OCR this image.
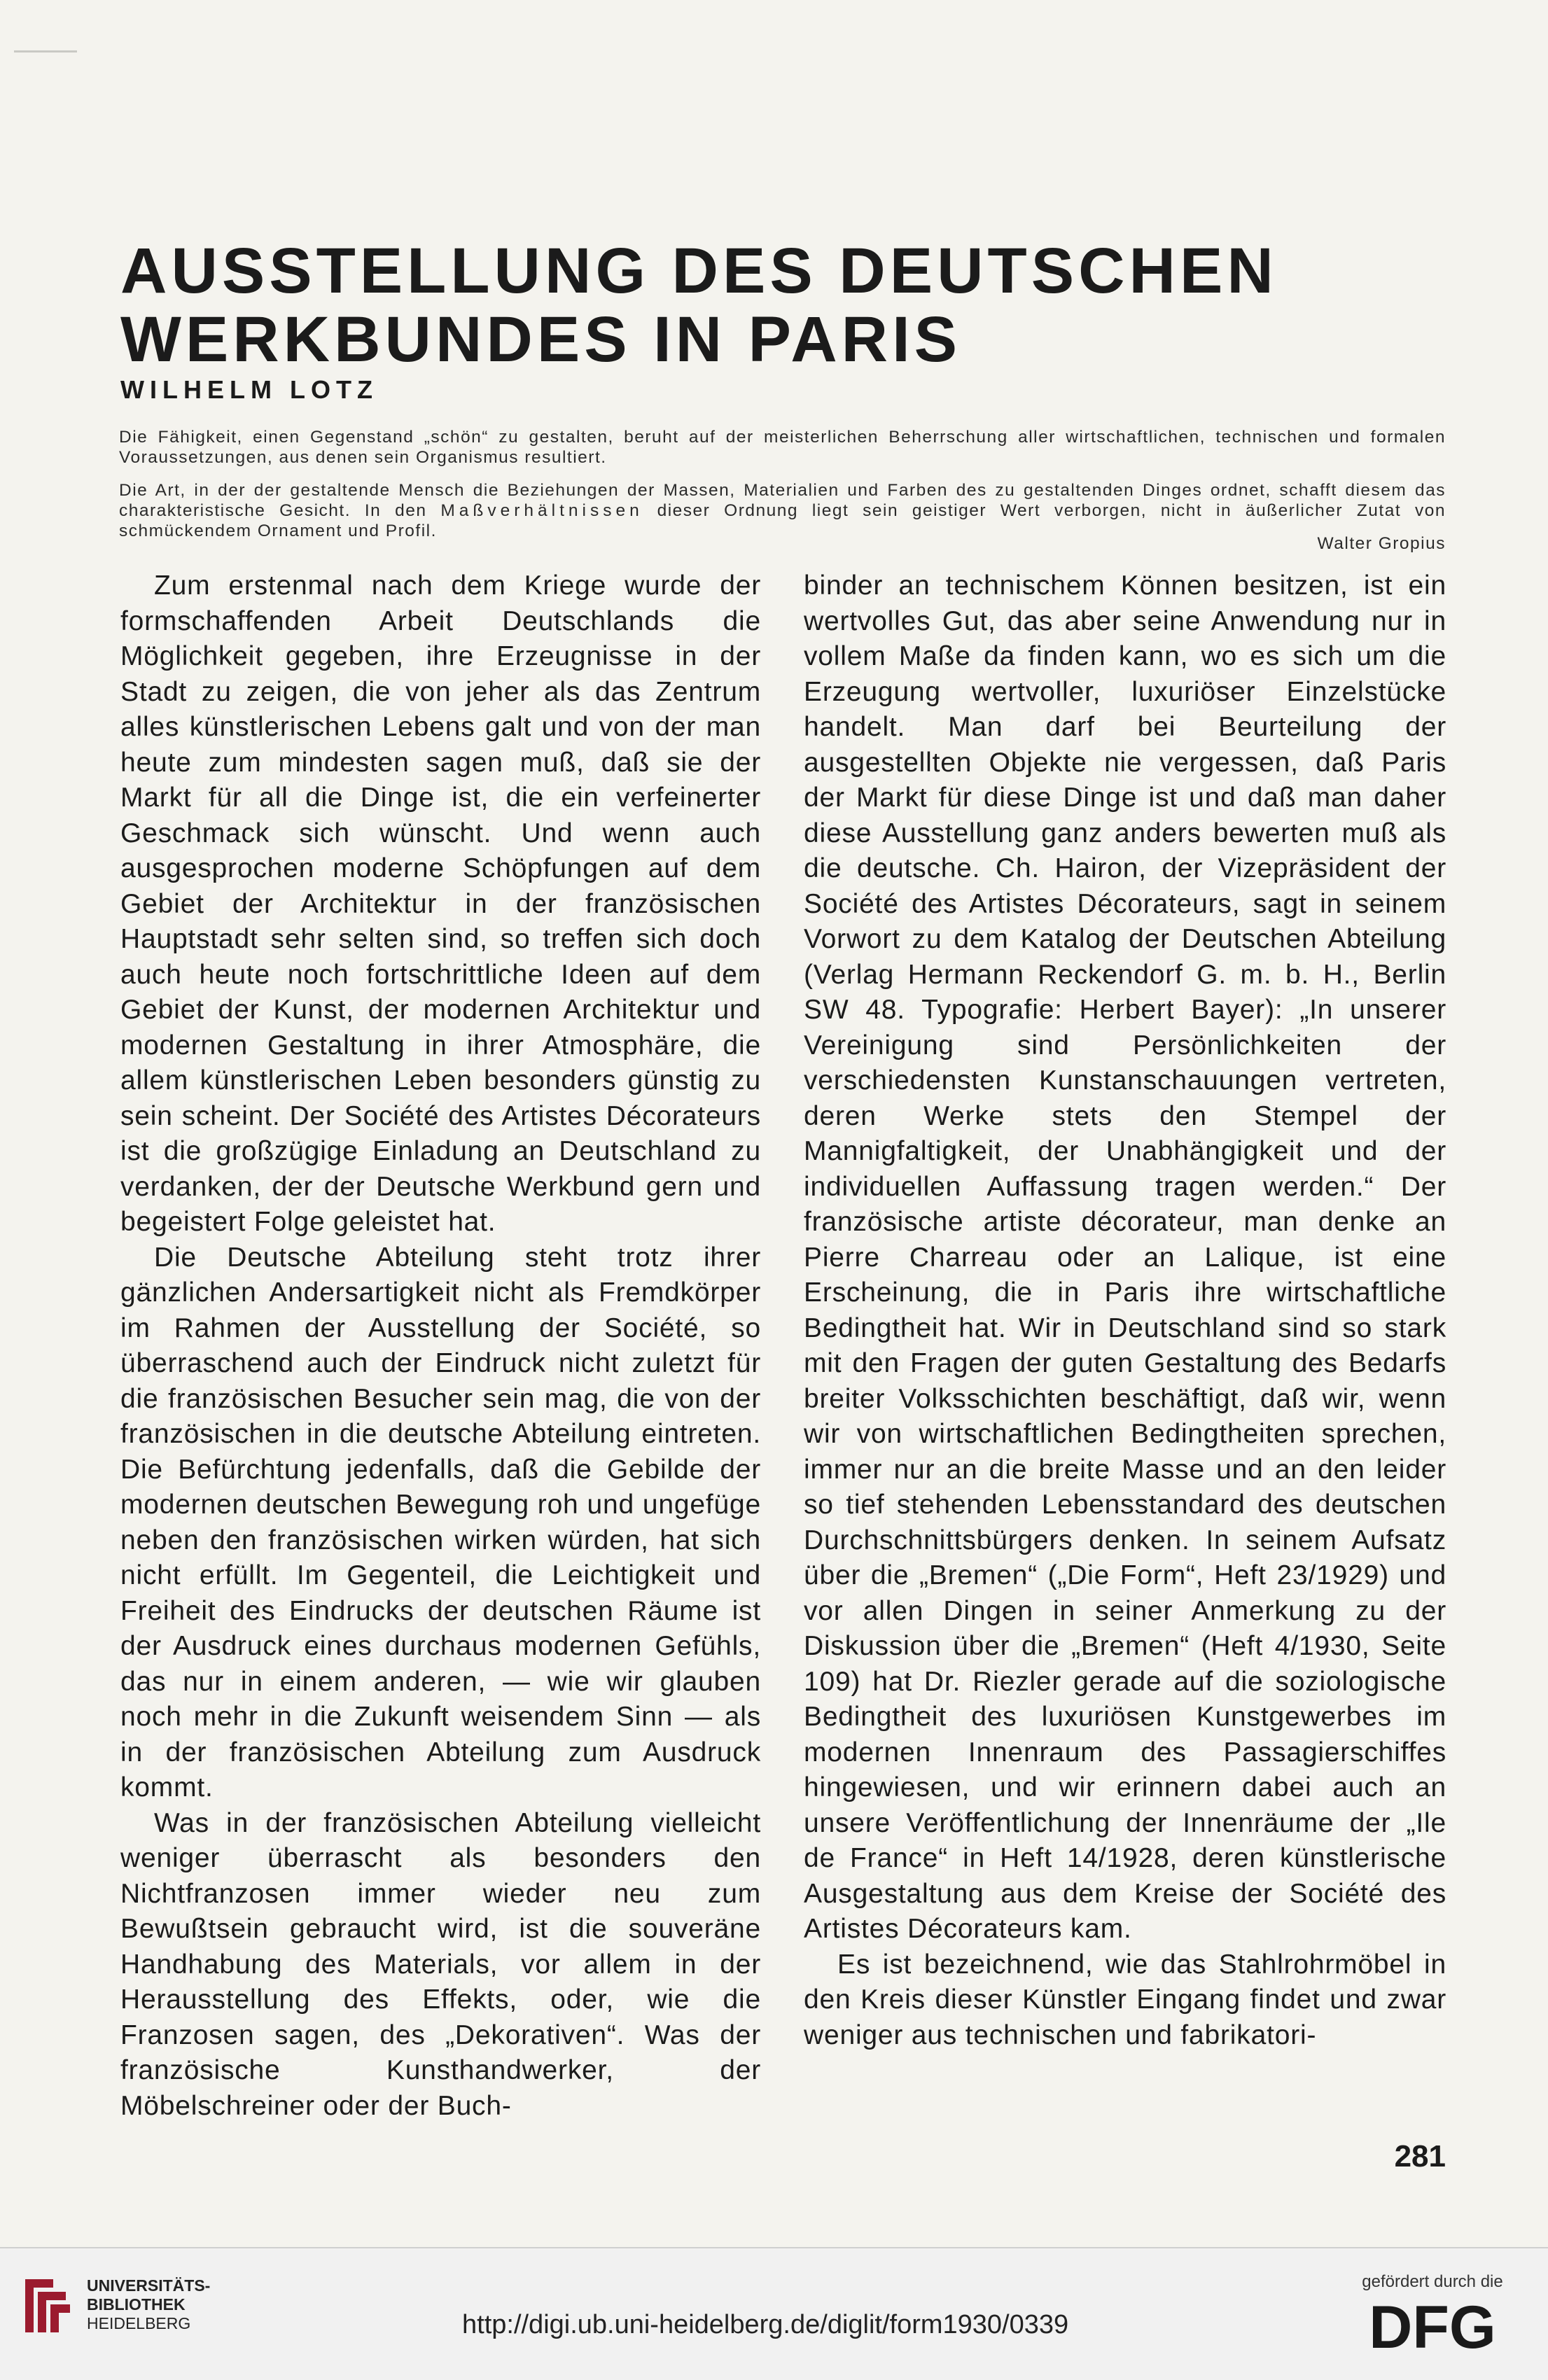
AUSSTELLUNG DES DEUTSCHEN WERKBUNDES IN PARIS
WILHELM LOTZ

Die Fähigkeit, einen Gegenstand „schön“ zu gestalten, beruht auf der meisterlichen Beherrschung aller wirtschaftlichen, technischen und formalen Voraussetzungen, aus denen sein Organismus resultiert.

Die Art, in der der gestaltende Mensch die Beziehungen der Massen, Materialien und Farben des zu gestaltenden Dinges ordnet, schafft diesem das charakteristische Gesicht. In den Maßverhältnissen dieser Ordnung liegt sein geistiger Wert verborgen, nicht in äußerlicher Zutat von schmückendem Ornament und Profil.

Walter Gropius

Zum erstenmal nach dem Kriege wurde der formschaffenden Arbeit Deutschlands die Möglichkeit gegeben, ihre Erzeugnisse in der Stadt zu zeigen, die von jeher als das Zentrum alles künstlerischen Lebens galt und von der man heute zum mindesten sagen muß, daß sie der Markt für all die Dinge ist, die ein verfeinerter Geschmack sich wünscht. Und wenn auch ausgesprochen moderne Schöpfungen auf dem Gebiet der Architektur in der französischen Hauptstadt sehr selten sind, so treffen sich doch auch heute noch fortschrittliche Ideen auf dem Gebiet der Kunst, der modernen Architektur und modernen Gestaltung in ihrer Atmosphäre, die allem künstlerischen Leben besonders günstig zu sein scheint. Der Société des Artistes Décorateurs ist die großzügige Einladung an Deutschland zu verdanken, der der Deutsche Werkbund gern und begeistert Folge geleistet hat.

Die Deutsche Abteilung steht trotz ihrer gänzlichen Andersartigkeit nicht als Fremdkörper im Rahmen der Ausstellung der Société, so überraschend auch der Eindruck nicht zuletzt für die französischen Besucher sein mag, die von der französischen in die deutsche Abteilung eintreten. Die Befürchtung jedenfalls, daß die Gebilde der modernen deutschen Bewegung roh und ungefüge neben den französischen wirken würden, hat sich nicht erfüllt. Im Gegenteil, die Leichtigkeit und Freiheit des Eindrucks der deutschen Räume ist der Ausdruck eines durchaus modernen Gefühls, das nur in einem anderen, — wie wir glauben noch mehr in die Zukunft weisendem Sinn — als in der französischen Abteilung zum Ausdruck kommt.

Was in der französischen Abteilung vielleicht weniger überrascht als besonders den Nichtfranzosen immer wieder neu zum Bewußtsein gebraucht wird, ist die souveräne Handhabung des Materials, vor allem in der Herausstellung des Effekts, oder, wie die Franzosen sagen, des „Dekorativen“. Was der französische Kunsthandwerker, der Möbelschreiner oder der Buch-

binder an technischem Können besitzen, ist ein wertvolles Gut, das aber seine Anwendung nur in vollem Maße da finden kann, wo es sich um die Erzeugung wertvoller, luxuriöser Einzelstücke handelt. Man darf bei Beurteilung der ausgestellten Objekte nie vergessen, daß Paris der Markt für diese Dinge ist und daß man daher diese Ausstellung ganz anders bewerten muß als die deutsche. Ch. Hairon, der Vizepräsident der Société des Artistes Décorateurs, sagt in seinem Vorwort zu dem Katalog der Deutschen Abteilung (Verlag Hermann Reckendorf G. m. b. H., Berlin SW 48. Typografie: Herbert Bayer): „In unserer Vereinigung sind Persönlichkeiten der verschiedensten Kunstanschauungen vertreten, deren Werke stets den Stempel der Mannigfaltigkeit, der Unabhängigkeit und der individuellen Auffassung tragen werden.“ Der französische artiste décorateur, man denke an Pierre Charreau oder an Lalique, ist eine Erscheinung, die in Paris ihre wirtschaftliche Bedingtheit hat. Wir in Deutschland sind so stark mit den Fragen der guten Gestaltung des Bedarfs breiter Volksschichten beschäftigt, daß wir, wenn wir von wirtschaftlichen Bedingtheiten sprechen, immer nur an die breite Masse und an den leider so tief stehenden Lebensstandard des deutschen Durchschnittsbürgers denken. In seinem Aufsatz über die „Bremen“ („Die Form“, Heft 23/1929) und vor allen Dingen in seiner Anmerkung zu der Diskussion über die „Bremen“ (Heft 4/1930, Seite 109) hat Dr. Riezler gerade auf die soziologische Bedingtheit des luxuriösen Kunstgewerbes im modernen Innenraum des Passagierschiffes hingewiesen, und wir erinnern dabei auch an unsere Veröffentlichung der Innenräume der „Ile de France“ in Heft 14/1928, deren künstlerische Ausgestaltung aus dem Kreise der Société des Artistes Décorateurs kam.

Es ist bezeichnend, wie das Stahlrohrmöbel in den Kreis dieser Künstler Eingang findet und zwar weniger aus technischen und fabrikatori-

281

UNIVERSITÄTS-
BIBLIOTHEK
HEIDELBERG	http://digi.ub.uni-heidelberg.de/diglit/form1930/0339

gefördert durch die
DFG
